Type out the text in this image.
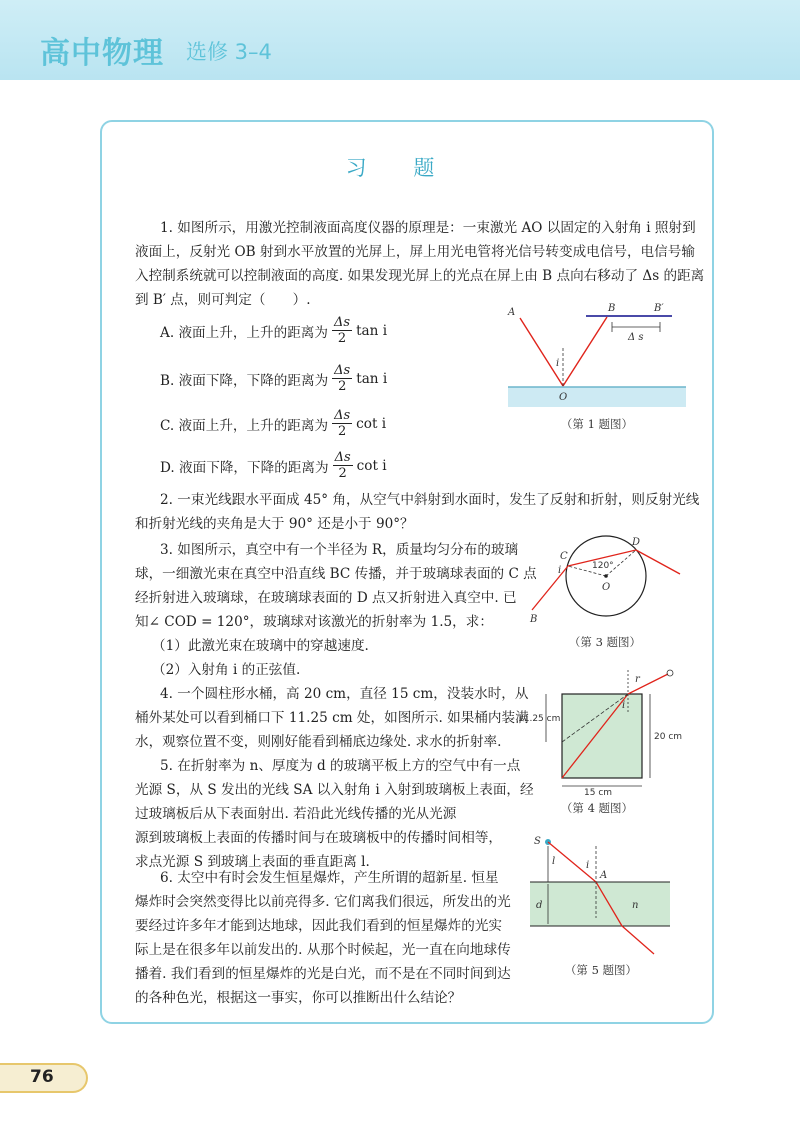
高中物理 选修 3–4
习 题

1. 如图所示，用激光控制液面高度仪器的原理是：一束激光 AO 以固定的入射角 i 照射到

液面上，反射光 OB 射到水平放置的光屏上，屏上用光电管将光信号转变成电信号，电信号输

入控制系统就可以控制液面的高度. 如果发现光屏上的光点在屏上由 B 点向右移动了 Δs 的距离

到 B′ 点，则可判定（　　）.

A. 液面上升，上升的距离为 $\frac{\Delta s}{2}$ tan i
B. 液面下降，下降的距离为 $\frac{\Delta s}{2}$ tan i
C. 液面上升，上升的距离为 $\frac{\Delta s}{2}$ cot i
D. 液面下降，下降的距离为 $\frac{\Delta s}{2}$ cot i
A	B	B′
O
i
Δ s
（第 1 题图）

2. 一束光线跟水平面成 45° 角，从空气中斜射到水面时，发生了反射和折射，则反射光线

和折射光线的夹角是大于 90° 还是小于 90°？

3. 如图所示，真空中有一个半径为 R，质量均匀分布的玻璃

球，一细激光束在真空中沿直线 BC 传播，并于玻璃球表面的 C 点

经折射进入玻璃球，在玻璃球表面的 D 点又折射进入真空中. 已

知∠ COD = 120°，玻璃球对该激光的折射率为 1.5，求：

（1）此激光束在玻璃中的穿越速度.

（2）入射角 i 的正弦值.

C
D
O
B
i	120°
（第 3 题图）

4. 一个圆柱形水桶，高 20 cm，直径 15 cm，没装水时，从

桶外某处可以看到桶口下 11.25 cm 处，如图所示. 如果桶内装满

水，观察位置不变，则刚好能看到桶底边缘处. 求水的折射率.

5. 在折射率为 n、厚度为 d 的玻璃平板上方的空气中有一点

光源 S，从 S 发出的光线 SA 以入射角 i 入射到玻璃板上表面，经

过玻璃板后从下表面射出. 若沿此光线传播的光从光源

源到玻璃板上表面的传播时间与在玻璃板中的传播时间相等，

求点光源 S 到玻璃上表面的垂直距离 l.

11.25 cm
20 cm
15 cm
r
i
（第 4 题图）
S
l	i
A
d	n
（第 5 题图）

6. 太空中有时会发生恒星爆炸，产生所谓的超新星. 恒星

爆炸时会突然变得比以前亮得多. 它们离我们很远，所发出的光

要经过许多年才能到达地球，因此我们看到的恒星爆炸的光实

际上是在很多年以前发出的. 从那个时候起，光一直在向地球传

播着. 我们看到的恒星爆炸的光是白光，而不是在不同时间到达

的各种色光，根据这一事实，你可以推断出什么结论？

76
